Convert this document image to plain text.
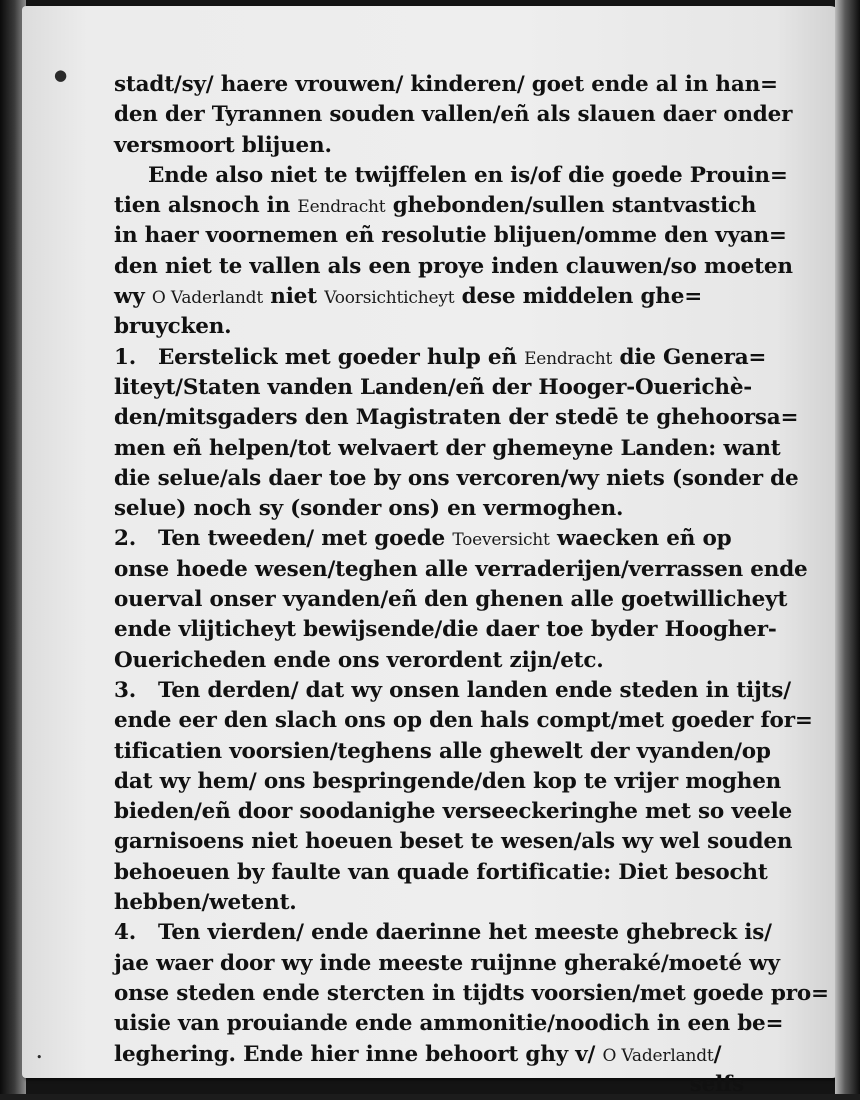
●
•
stadt/sy/ haere vrouwen/ kinderen/ goet ende al in han=
den der Tyrannen souden vallen/eñ als slauen daer onder
versmoort blijuen.
Ende also niet te twijffelen en is/of die goede Prouin=
tien alsnoch in Eendracht ghebonden/sullen stantvastich
in haer voornemen eñ resolutie blijuen/omme den vyan=
den niet te vallen als een proye inden clauwen/so moeten
wy O Vaderlandt niet Voorsichticheyt dese middelen ghe=
bruycken.
1. Eerstelick met goeder hulp eñ Eendracht die Genera=
liteyt/Staten vanden Landen/eñ der Hooger-Ouerichè-
den/mitsgaders den Magistraten der stedē te ghehoorsa=
men eñ helpen/tot welvaert der ghemeyne Landen: want
die selue/als daer toe by ons vercoren/wy niets (sonder de
selue) noch sy (sonder ons) en vermoghen.
2. Ten tweeden/ met goede Toeversicht waecken eñ op
onse hoede wesen/teghen alle verraderijen/verrassen ende
ouerval onser vyanden/eñ den ghenen alle goetwillicheyt
ende vlijticheyt bewijsende/die daer toe byder Hoogher-
Ouericheden ende ons verordent zijn/etc.
3. Ten derden/ dat wy onsen landen ende steden in tijts/
ende eer den slach ons op den hals compt/met goeder for=
tificatien voorsien/teghens alle ghewelt der vyanden/op
dat wy hem/ ons bespringende/den kop te vrijer moghen
bieden/eñ door soodanighe verseeckeringhe met so veele
garnisoens niet hoeuen beset te wesen/als wy wel souden
behoeuen by faulte van quade fortificatie: Diet besocht
hebben/wetent.
4. Ten vierden/ ende daerinne het meeste ghebreck is/
jae waer door wy inde meeste ruijnne gheraké/moeté wy
onse steden ende stercten in tijdts voorsien/met goede pro=
uisie van prouiande ende ammonitie/noodich in een be=
leghering. Ende hier inne behoort ghy v/ O Vaderlandt/
selfs
